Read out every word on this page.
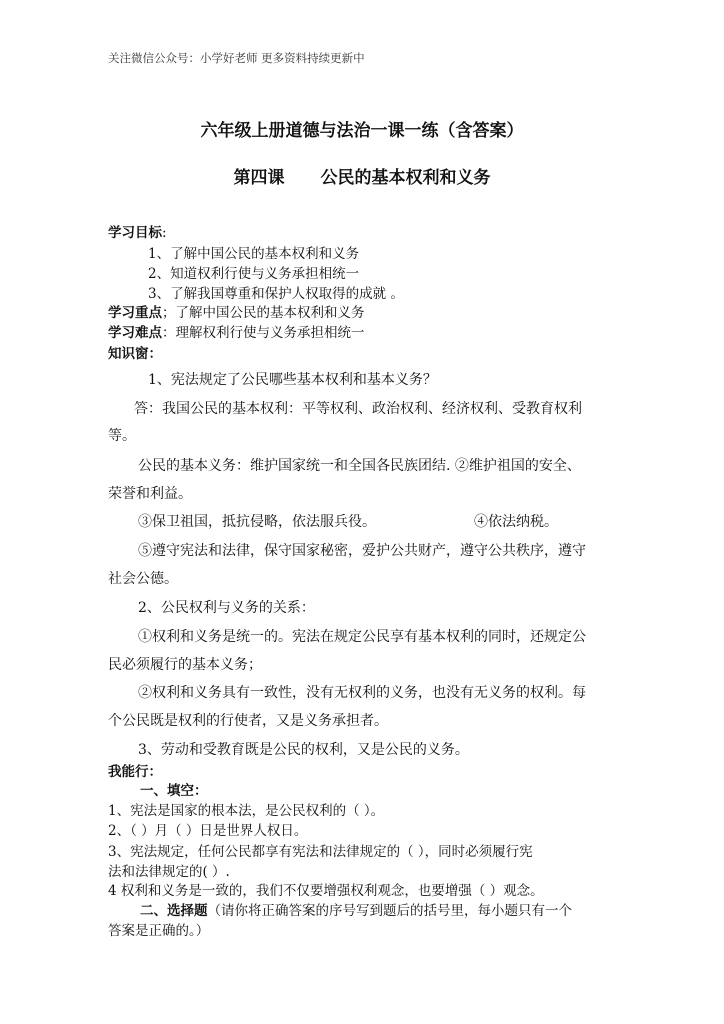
关注微信公众号：小学好老师 更多资料持续更新中
六年级上册道德与法治一课一练（含答案）
第四课 公民的基本权利和义务
学习目标:
1、了解中国公民的基本权利和义务
2、知道权利行使与义务承担相统一
3、了解我国尊重和保护人权取得的成就 。
学习重点；了解中国公民的基本权利和义务
学习难点：理解权利行使与义务承担相统一
知识窗：
1、宪法规定了公民哪些基本权利和基本义务？
答：我国公民的基本权利：平等权利、政治权利、经济权利、受教育权利
等。
公民的基本义务：维护国家统一和全国各民族团结. ②维护祖国的安全、
荣誉和利益。
③保卫祖国，抵抗侵略，依法服兵役。	④依法纳税。
⑤遵守宪法和法律，保守国家秘密，爱护公共财产，遵守公共秩序，遵守
社会公德。
2、公民权利与义务的关系：
①权利和义务是统一的。宪法在规定公民享有基本权利的同时，还规定公
民必须履行的基本义务；
②权利和义务具有一致性，没有无权利的义务，也没有无义务的权利。每
个公民既是权利的行使者，又是义务承担者。
3、劳动和受教育既是公民的权利，又是公民的义务。
我能行：
一、填空：
1、宪法是国家的根本法，是公民权利的（ ）。
2、（ ）月（ ）日是世界人权日。
3、宪法规定，任何公民都享有宪法和法律规定的（ ），同时必须履行宪
法和法律规定的( ）.
4 权利和义务是一致的，我们不仅要增强权利观念，也要增强（ ）观念。
二、选择题（请你将正确答案的序号写到题后的括号里，每小题只有一个
答案是正确的。）
